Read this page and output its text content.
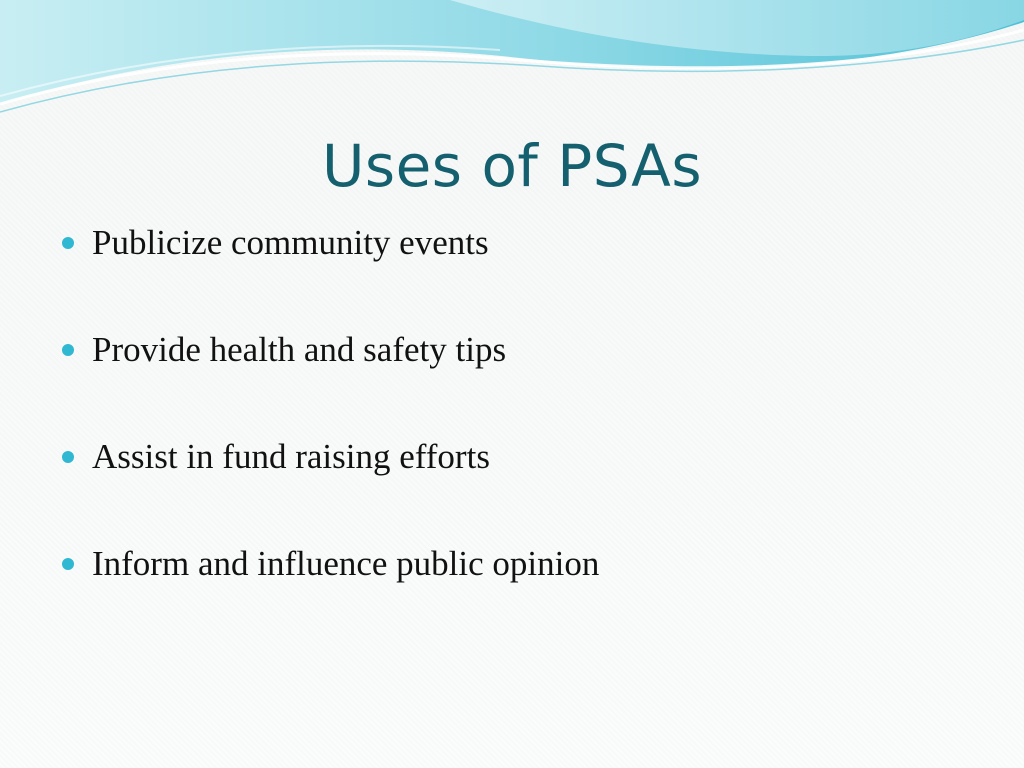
Uses of PSAs
Publicize community events
Provide health and safety tips
Assist in fund raising efforts
Inform and influence public opinion
